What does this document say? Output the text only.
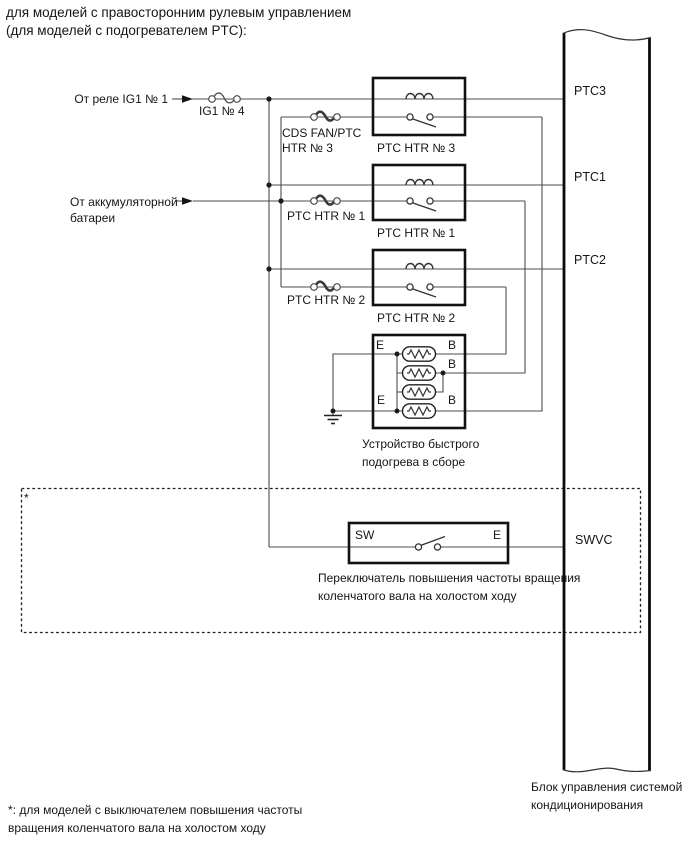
для моделей с правосторонним рулевым управлением
(для моделей с подогревателем PTC):
От реле IG1 № 1
IG1 № 4
CDS FAN/PTC
HTR № 3
От аккумуляторной
батареи	PTC HTR № 1
PTC HTR № 2
PTC HTR № 3
PTC HTR № 1
PTC HTR № 2
E	B
B
E	B
Устройство быстрого
подогрева в сборе
PTC3
PTC1
PTC2
SWVC
*
SW	E
Переключатель повышения частоты вращения
коленчатого вала на холостом ходу
Блок управления системой
кондиционирования
*: для моделей с выключателем повышения частоты
вращения коленчатого вала на холостом ходу
